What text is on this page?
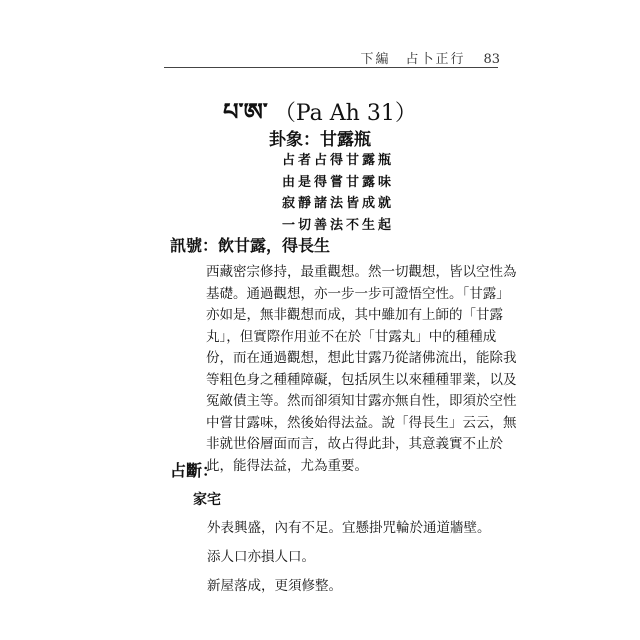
下編　占卜正行 83
པ་ཨ་ （Pa Ah 31）
卦象：甘露瓶
占者占得甘露瓶
由是得嘗甘露味
寂靜諸法皆成就
一切善法不生起
訊號：飲甘露，得長生
西藏密宗修持，最重觀想。然一切觀想，皆以空性為
基礎。通過觀想，亦一步一步可證悟空性。「甘露」
亦如是，無非觀想而成，其中雖加有上師的「甘露
丸」，但實際作用並不在於「甘露丸」中的種種成
份，而在通過觀想，想此甘露乃從諸佛流出，能除我
等粗色身之種種障礙，包括夙生以來種種罪業，以及
冤敵債主等。然而卻須知甘露亦無自性，即須於空性
中嘗甘露味，然後始得法益。說「得長生」云云，無
非就世俗層面而言，故占得此卦，其意義實不止於
此，能得法益，尤為重要。
占斷：
家宅
外表興盛，內有不足。宜懸掛咒輪於通道牆壁。
添人口亦損人口。
新屋落成，更須修整。
